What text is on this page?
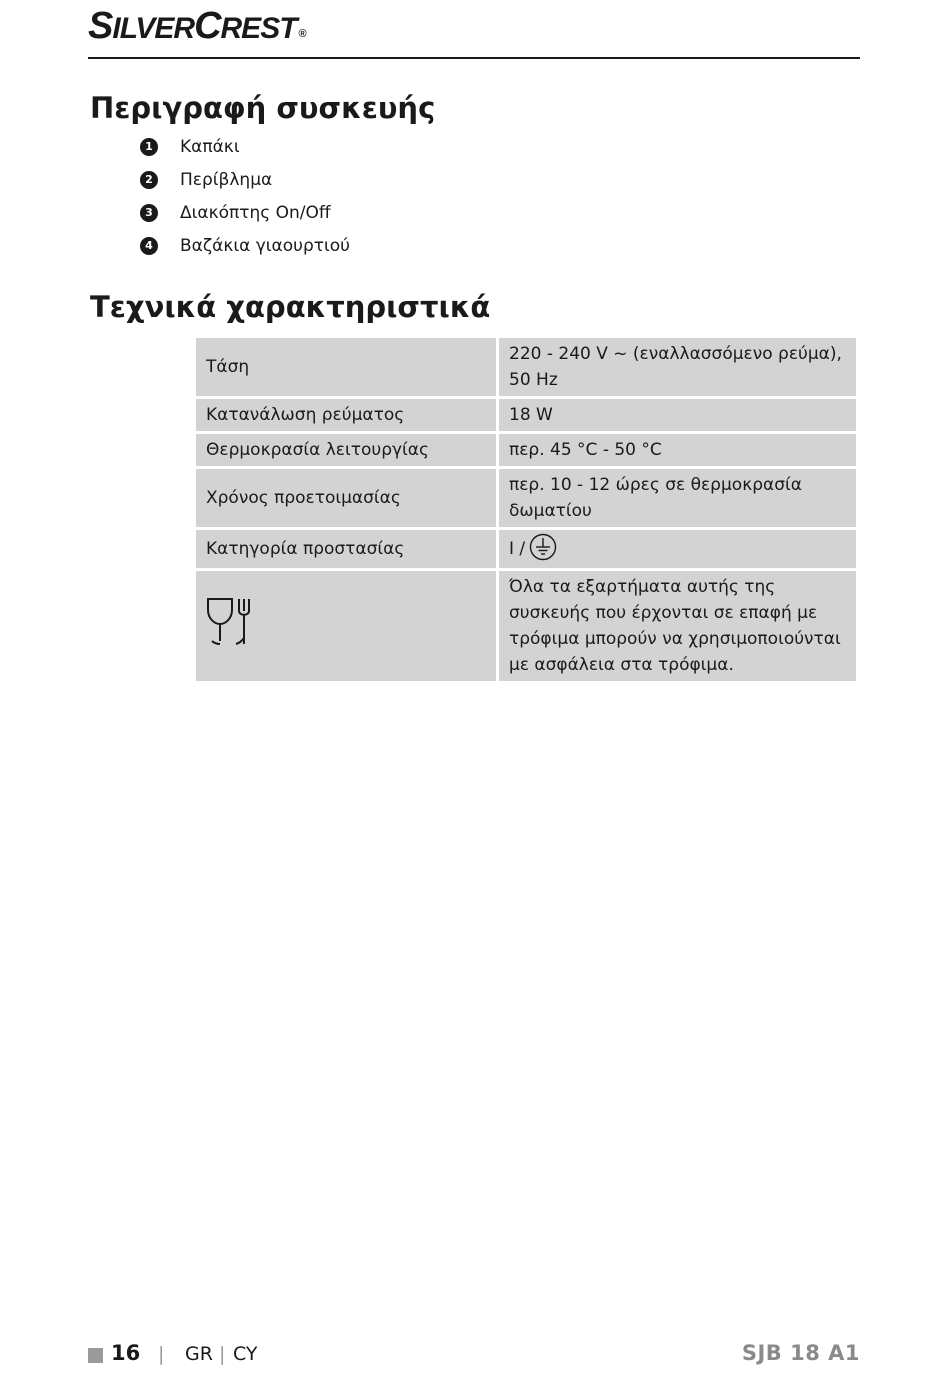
SILVERCREST ®
Περιγραφή συσκευής
1	Καπάκι
2	Περίβλημα
3	Διακόπτης On/Off
4	Βαζάκια γιαουρτιού
Τεχνικά χαρακτηριστικά
Τάση	220 - 240 V ~ (εναλλασσόμενο ρεύμα), 50 Hz
Κατανάλωση ρεύματος	18 W
Θερμοκρασία λειτουργίας	περ. 45 °C - 50 °C
Χρόνος προετοιμασίας	περ. 10 - 12 ώρες σε θερμοκρασία δωματίου
Κατηγορία προστασίας	I /
	Όλα τα εξαρτήματα αυτής της συσκευής που έρχονται σε επαφή με τρόφιμα μπορούν να χρησιμοποιούνται με ασφάλεια στα τρόφιμα.
16 | GR | CY	SJB 18 A1
